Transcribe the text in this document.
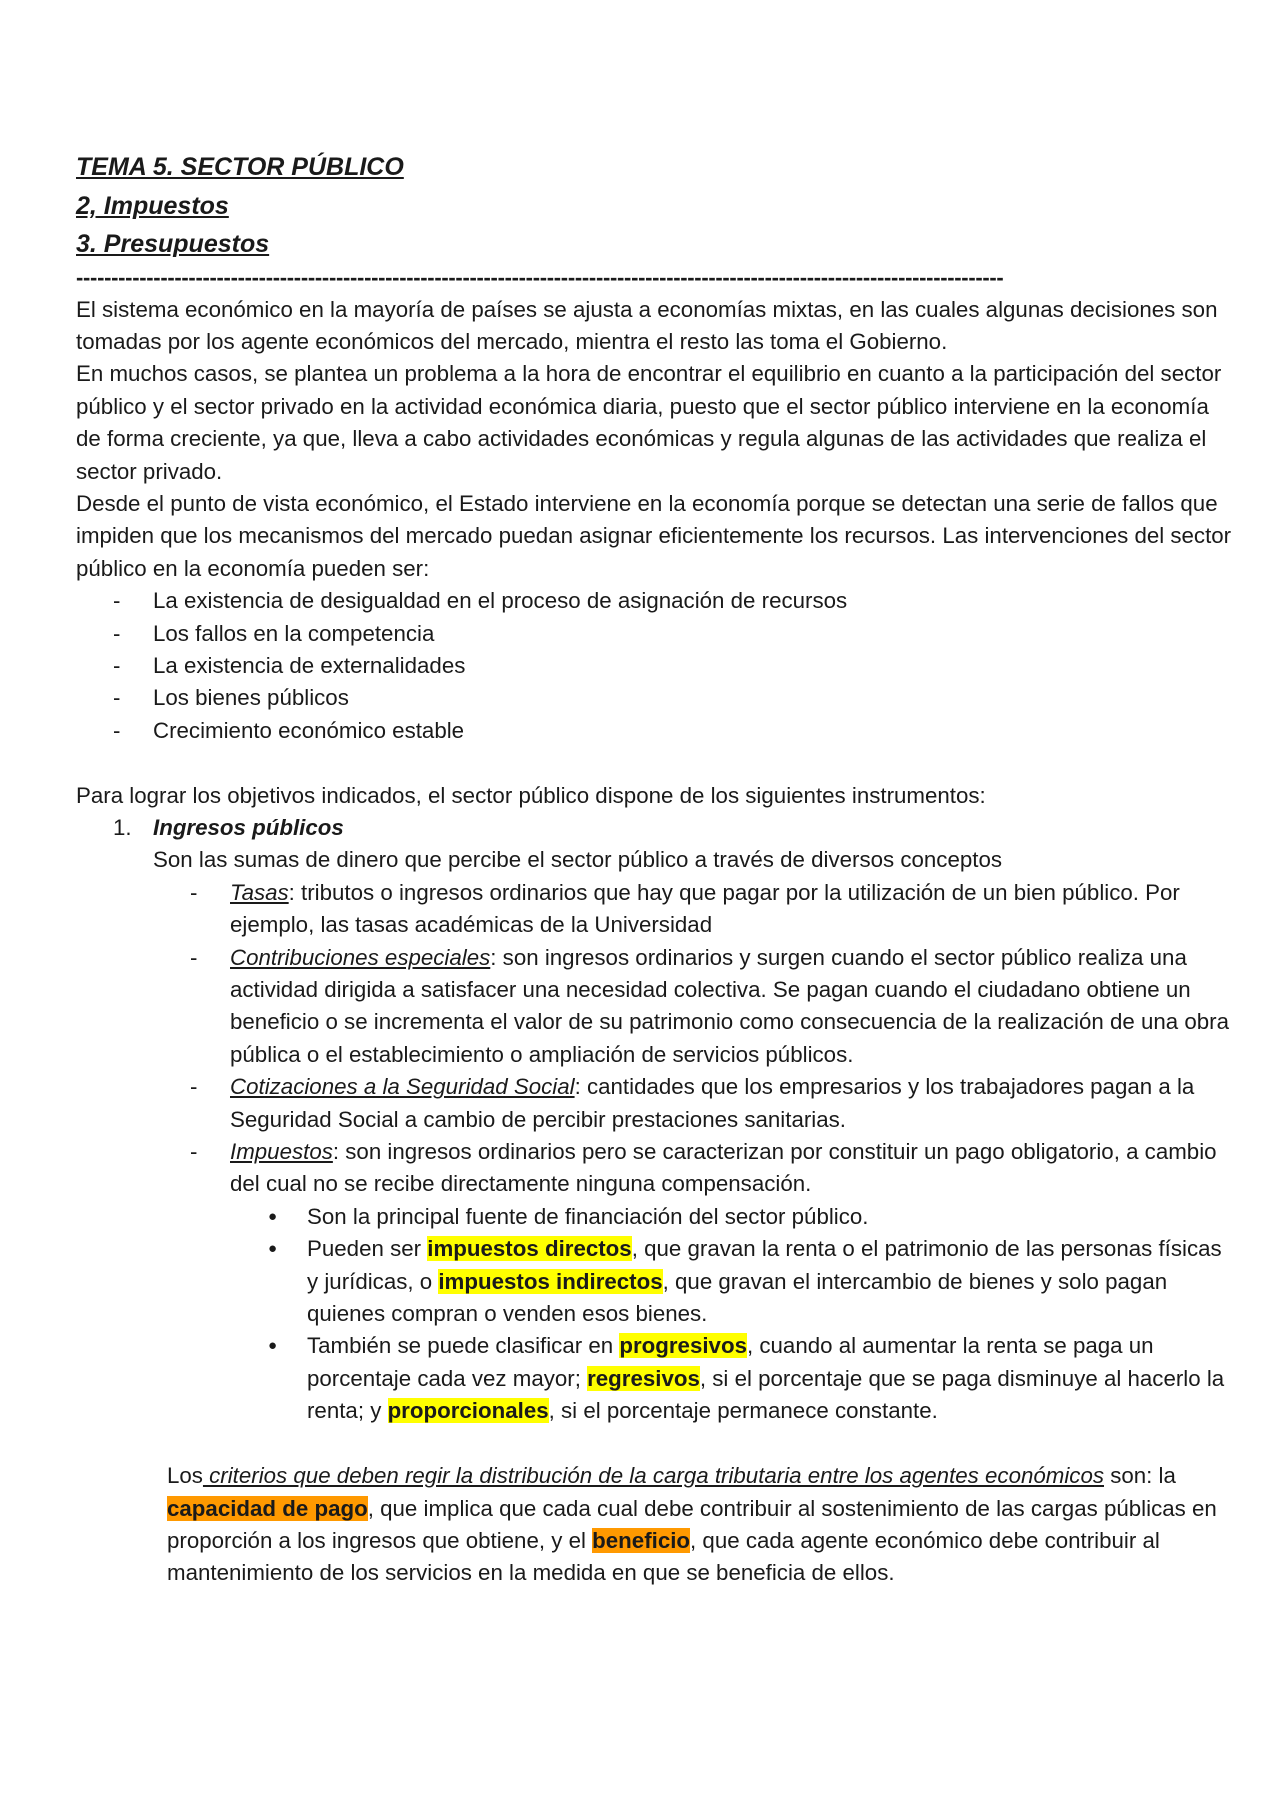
TEMA 5. SECTOR PÚBLICO
2, Impuestos
3. Presupuestos
------------------------------------------------------------------------------------------------------------------------------------

El sistema económico en la mayoría de países se ajusta a economías mixtas, en las cuales algunas decisiones son tomadas por los agente económicos del mercado, mientra el resto las toma el Gobierno.

En muchos casos, se plantea un problema a la hora de encontrar el equilibrio en cuanto a la participación del sector público y el sector privado en la actividad económica diaria, puesto que el sector público interviene en la economía de forma creciente, ya que, lleva a cabo actividades económicas y regula algunas de las actividades que realiza el sector privado.

Desde el punto de vista económico, el Estado interviene en la economía porque se detectan una serie de fallos que impiden que los mecanismos del mercado puedan asignar eficientemente los recursos. Las intervenciones del sector público en la economía pueden ser:

- La existencia de desigualdad en el proceso de asignación de recursos
- Los fallos en la competencia
- La existencia de externalidades
- Los bienes públicos
- Crecimiento económico estable

Para lograr los objetivos indicados, el sector público dispone de los siguientes instrumentos:

1. Ingresos públicos

Son las sumas de dinero que percibe el sector público a través de diversos conceptos

- Tasas: tributos o ingresos ordinarios que hay que pagar por la utilización de un bien público. Por ejemplo, las tasas académicas de la Universidad
- Contribuciones especiales: son ingresos ordinarios y surgen cuando el sector público realiza una actividad dirigida a satisfacer una necesidad colectiva. Se pagan cuando el ciudadano obtiene un beneficio o se incrementa el valor de su patrimonio como consecuencia de la realización de una obra pública o el establecimiento o ampliación de servicios públicos.
- Cotizaciones a la Seguridad Social: cantidades que los empresarios y los trabajadores pagan a la Seguridad Social a cambio de percibir prestaciones sanitarias.
- Impuestos: son ingresos ordinarios pero se caracterizan por constituir un pago obligatorio, a cambio del cual no se recibe directamente ninguna compensación.
● Son la principal fuente de financiación del sector público.
● Pueden ser impuestos directos, que gravan la renta o el patrimonio de las personas físicas y jurídicas, o impuestos indirectos, que gravan el intercambio de bienes y solo pagan quienes compran o venden esos bienes.
● También se puede clasificar en progresivos, cuando al aumentar la renta se paga un porcentaje cada vez mayor; regresivos, si el porcentaje que se paga disminuye al hacerlo la renta; y proporcionales, si el porcentaje permanece constante.

Los criterios que deben regir la distribución de la carga tributaria entre los agentes económicos son: la capacidad de pago, que implica que cada cual debe contribuir al sostenimiento de las cargas públicas en proporción a los ingresos que obtiene, y el beneficio, que cada agente económico debe contribuir al mantenimiento de los servicios en la medida en que se beneficia de ellos.
